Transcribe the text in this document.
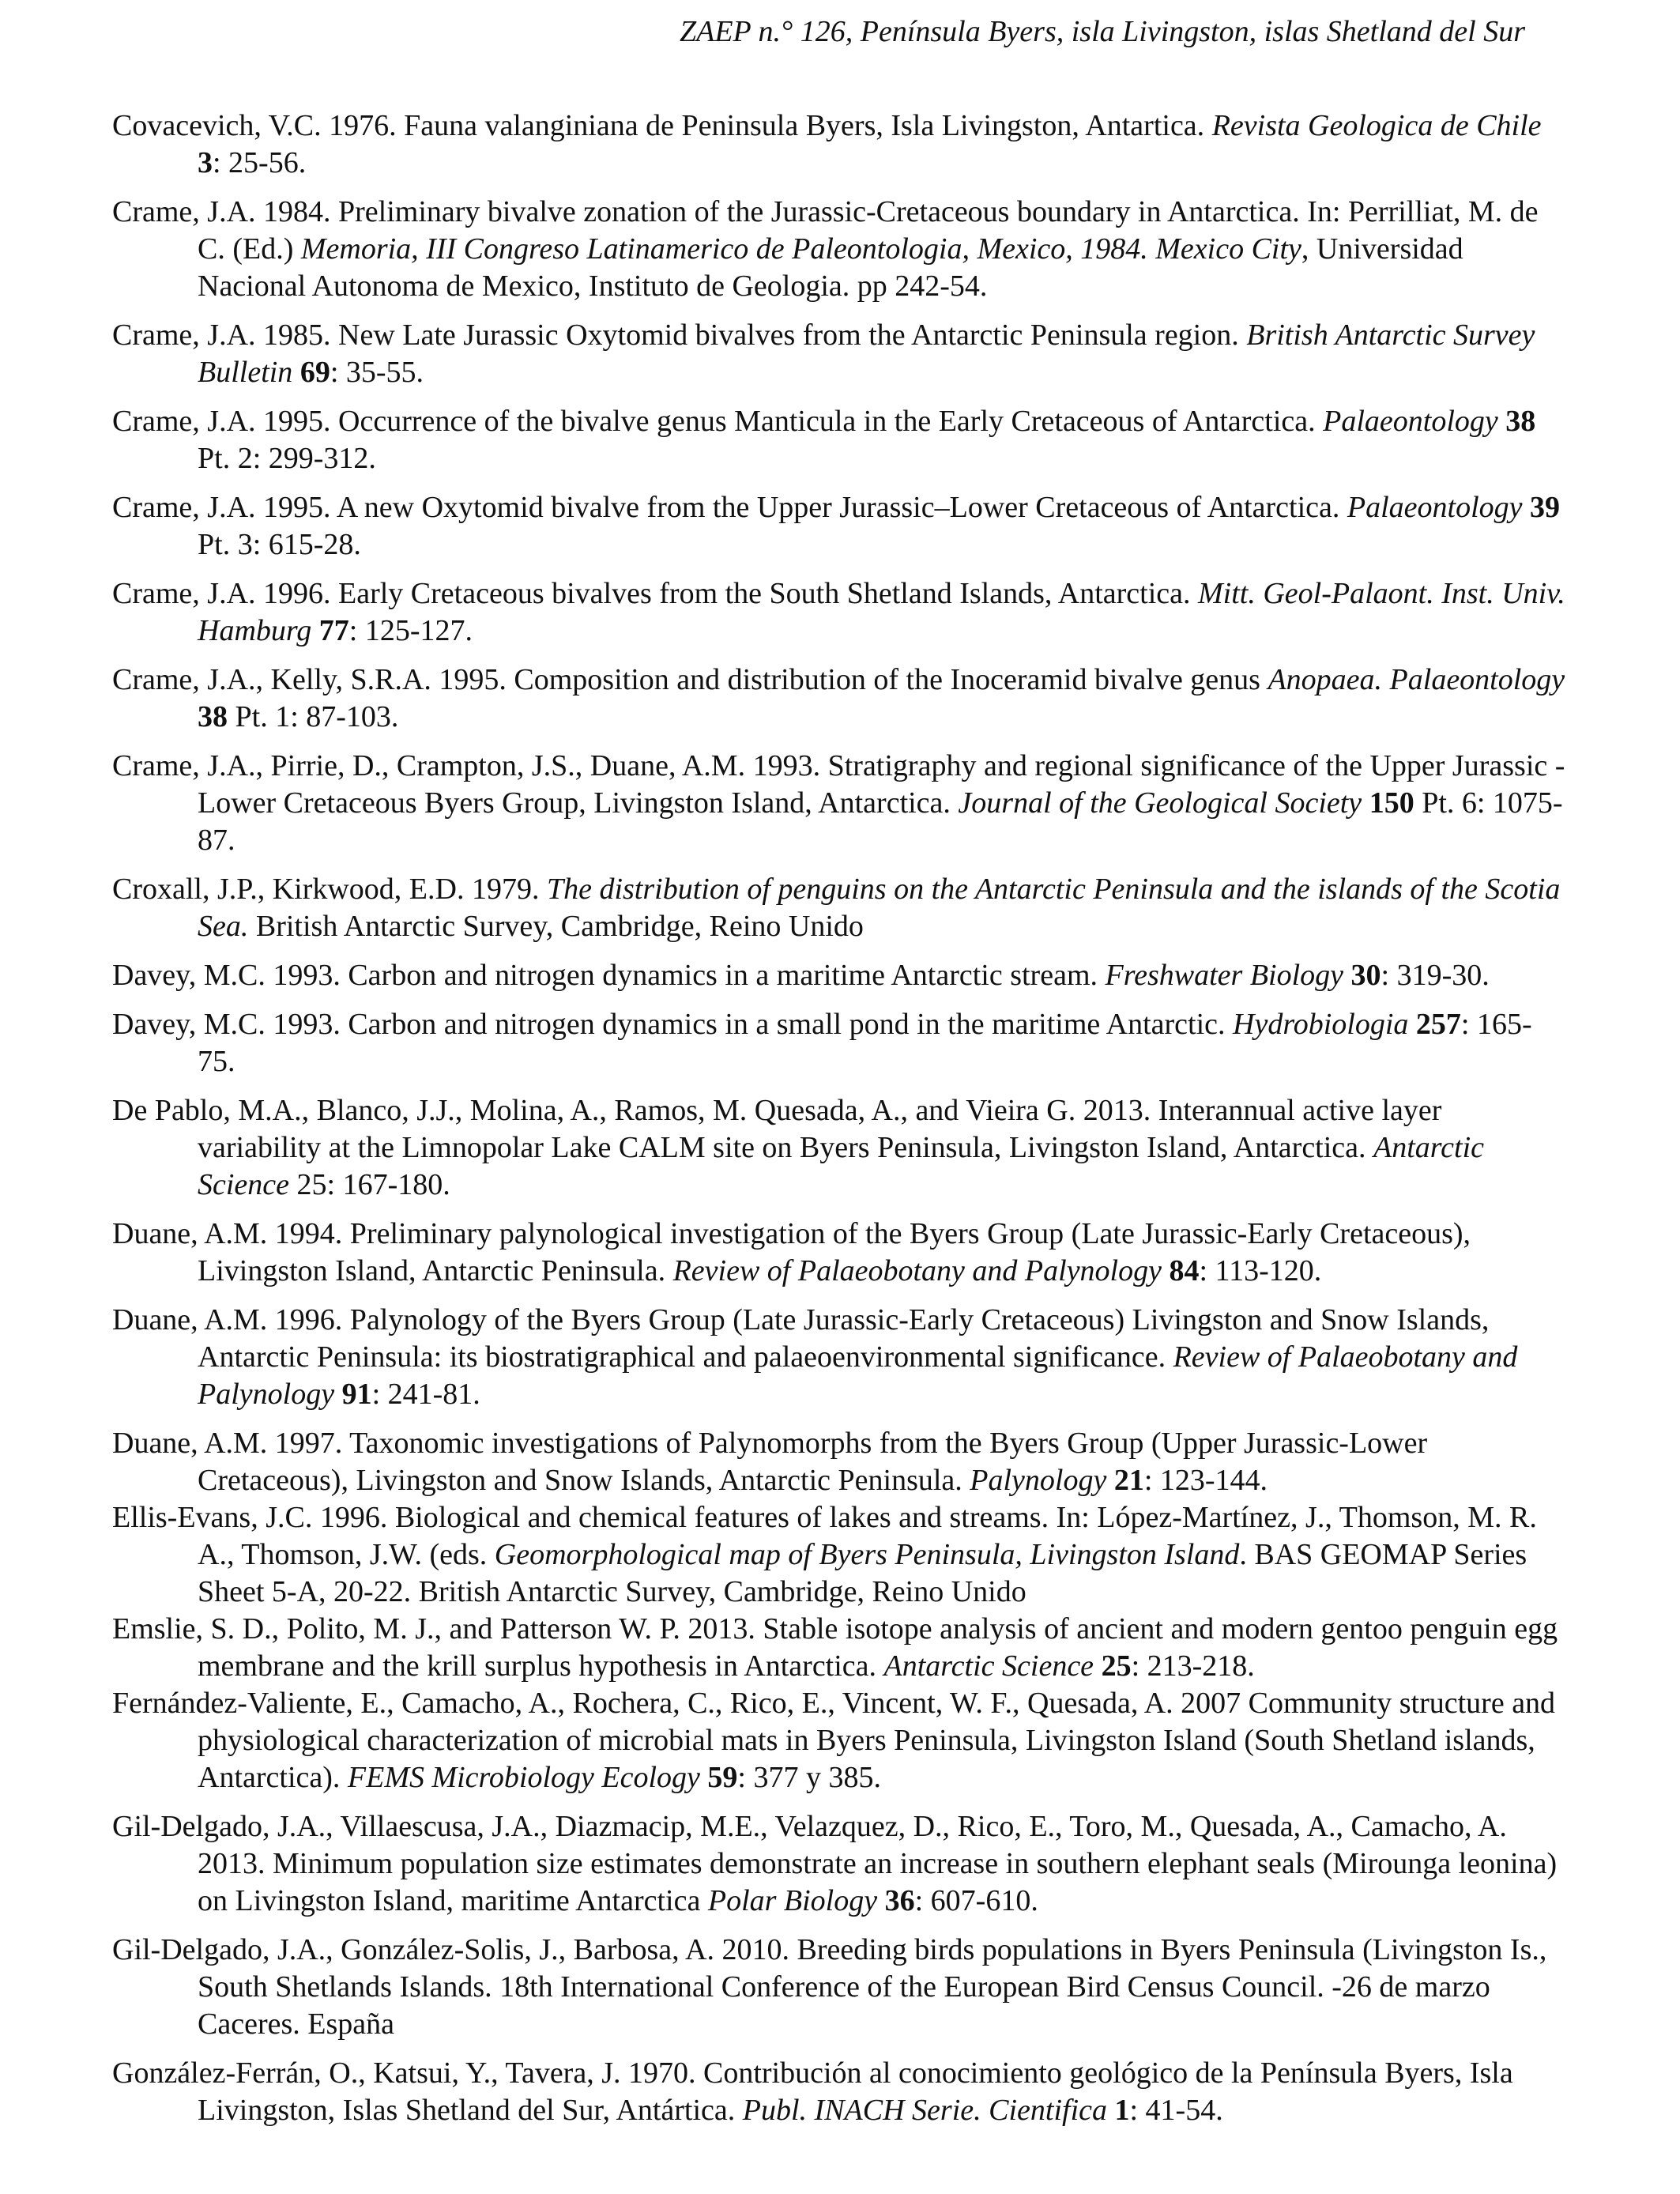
ZAEP n.° 126, Península Byers, isla Livingston, islas Shetland del Sur
Covacevich, V.C. 1976. Fauna valanginiana de Peninsula Byers, Isla Livingston, Antartica. Revista Geologica de Chile 3: 25-56.
Crame, J.A. 1984. Preliminary bivalve zonation of the Jurassic-Cretaceous boundary in Antarctica. In: Perrilliat, M. de C. (Ed.) Memoria, III Congreso Latinamerico de Paleontologia, Mexico, 1984. Mexico City, Universidad Nacional Autonoma de Mexico, Instituto de Geologia. pp 242-54.
Crame, J.A. 1985. New Late Jurassic Oxytomid bivalves from the Antarctic Peninsula region. British Antarctic Survey Bulletin 69: 35-55.
Crame, J.A. 1995. Occurrence of the bivalve genus Manticula in the Early Cretaceous of Antarctica. Palaeontology 38 Pt. 2: 299-312.
Crame, J.A. 1995. A new Oxytomid bivalve from the Upper Jurassic–Lower Cretaceous of Antarctica. Palaeontology 39 Pt. 3: 615-28.
Crame, J.A. 1996. Early Cretaceous bivalves from the South Shetland Islands, Antarctica. Mitt. Geol-Palaont. Inst. Univ. Hamburg 77: 125-127.
Crame, J.A., Kelly, S.R.A. 1995. Composition and distribution of the Inoceramid bivalve genus Anopaea. Palaeontology 38 Pt. 1: 87-103.
Crame, J.A., Pirrie, D., Crampton, J.S., Duane, A.M. 1993. Stratigraphy and regional significance of the Upper Jurassic - Lower Cretaceous Byers Group, Livingston Island, Antarctica. Journal of the Geological Society 150 Pt. 6: 1075-87.
Croxall, J.P., Kirkwood, E.D. 1979. The distribution of penguins on the Antarctic Peninsula and the islands of the Scotia Sea. British Antarctic Survey, Cambridge, Reino Unido
Davey, M.C. 1993. Carbon and nitrogen dynamics in a maritime Antarctic stream. Freshwater Biology 30: 319-30.
Davey, M.C. 1993. Carbon and nitrogen dynamics in a small pond in the maritime Antarctic. Hydrobiologia 257: 165-75.
De Pablo, M.A., Blanco, J.J., Molina, A., Ramos, M. Quesada, A., and Vieira G. 2013. Interannual active layer variability at the Limnopolar Lake CALM site on Byers Peninsula, Livingston Island, Antarctica. Antarctic Science 25: 167-180.
Duane, A.M. 1994. Preliminary palynological investigation of the Byers Group (Late Jurassic-Early Cretaceous), Livingston Island, Antarctic Peninsula. Review of Palaeobotany and Palynology 84: 113-120.
Duane, A.M. 1996. Palynology of the Byers Group (Late Jurassic-Early Cretaceous) Livingston and Snow Islands, Antarctic Peninsula: its biostratigraphical and palaeoenvironmental significance. Review of Palaeobotany and Palynology 91: 241-81.
Duane, A.M. 1997. Taxonomic investigations of Palynomorphs from the Byers Group (Upper Jurassic-Lower Cretaceous), Livingston and Snow Islands, Antarctic Peninsula. Palynology 21: 123-144.
Ellis-Evans, J.C. 1996. Biological and chemical features of lakes and streams. In: López-Martínez, J., Thomson, M. R. A., Thomson, J.W. (eds. Geomorphological map of Byers Peninsula, Livingston Island. BAS GEOMAP Series Sheet 5-A, 20-22. British Antarctic Survey, Cambridge, Reino Unido
Emslie, S. D., Polito, M. J., and Patterson W. P. 2013. Stable isotope analysis of ancient and modern gentoo penguin egg membrane and the krill surplus hypothesis in Antarctica. Antarctic Science 25: 213-218.
Fernández-Valiente, E., Camacho, A., Rochera, C., Rico, E., Vincent, W. F., Quesada, A. 2007 Community structure and physiological characterization of microbial mats in Byers Peninsula, Livingston Island (South Shetland islands, Antarctica). FEMS Microbiology Ecology 59: 377 y 385.
Gil-Delgado, J.A., Villaescusa, J.A., Diazmacip, M.E., Velazquez, D., Rico, E., Toro, M., Quesada, A., Camacho, A. 2013. Minimum population size estimates demonstrate an increase in southern elephant seals (Mirounga leonina) on Livingston Island, maritime Antarctica Polar Biology 36: 607-610.
Gil-Delgado, J.A., González-Solis, J., Barbosa, A. 2010. Breeding birds populations in Byers Peninsula (Livingston Is., South Shetlands Islands. 18th International Conference of the European Bird Census Council. -26 de marzo Caceres. España
González-Ferrán, O., Katsui, Y., Tavera, J. 1970. Contribución al conocimiento geológico de la Península Byers, Isla Livingston, Islas Shetland del Sur, Antártica. Publ. INACH Serie. Cientifica 1: 41-54.
